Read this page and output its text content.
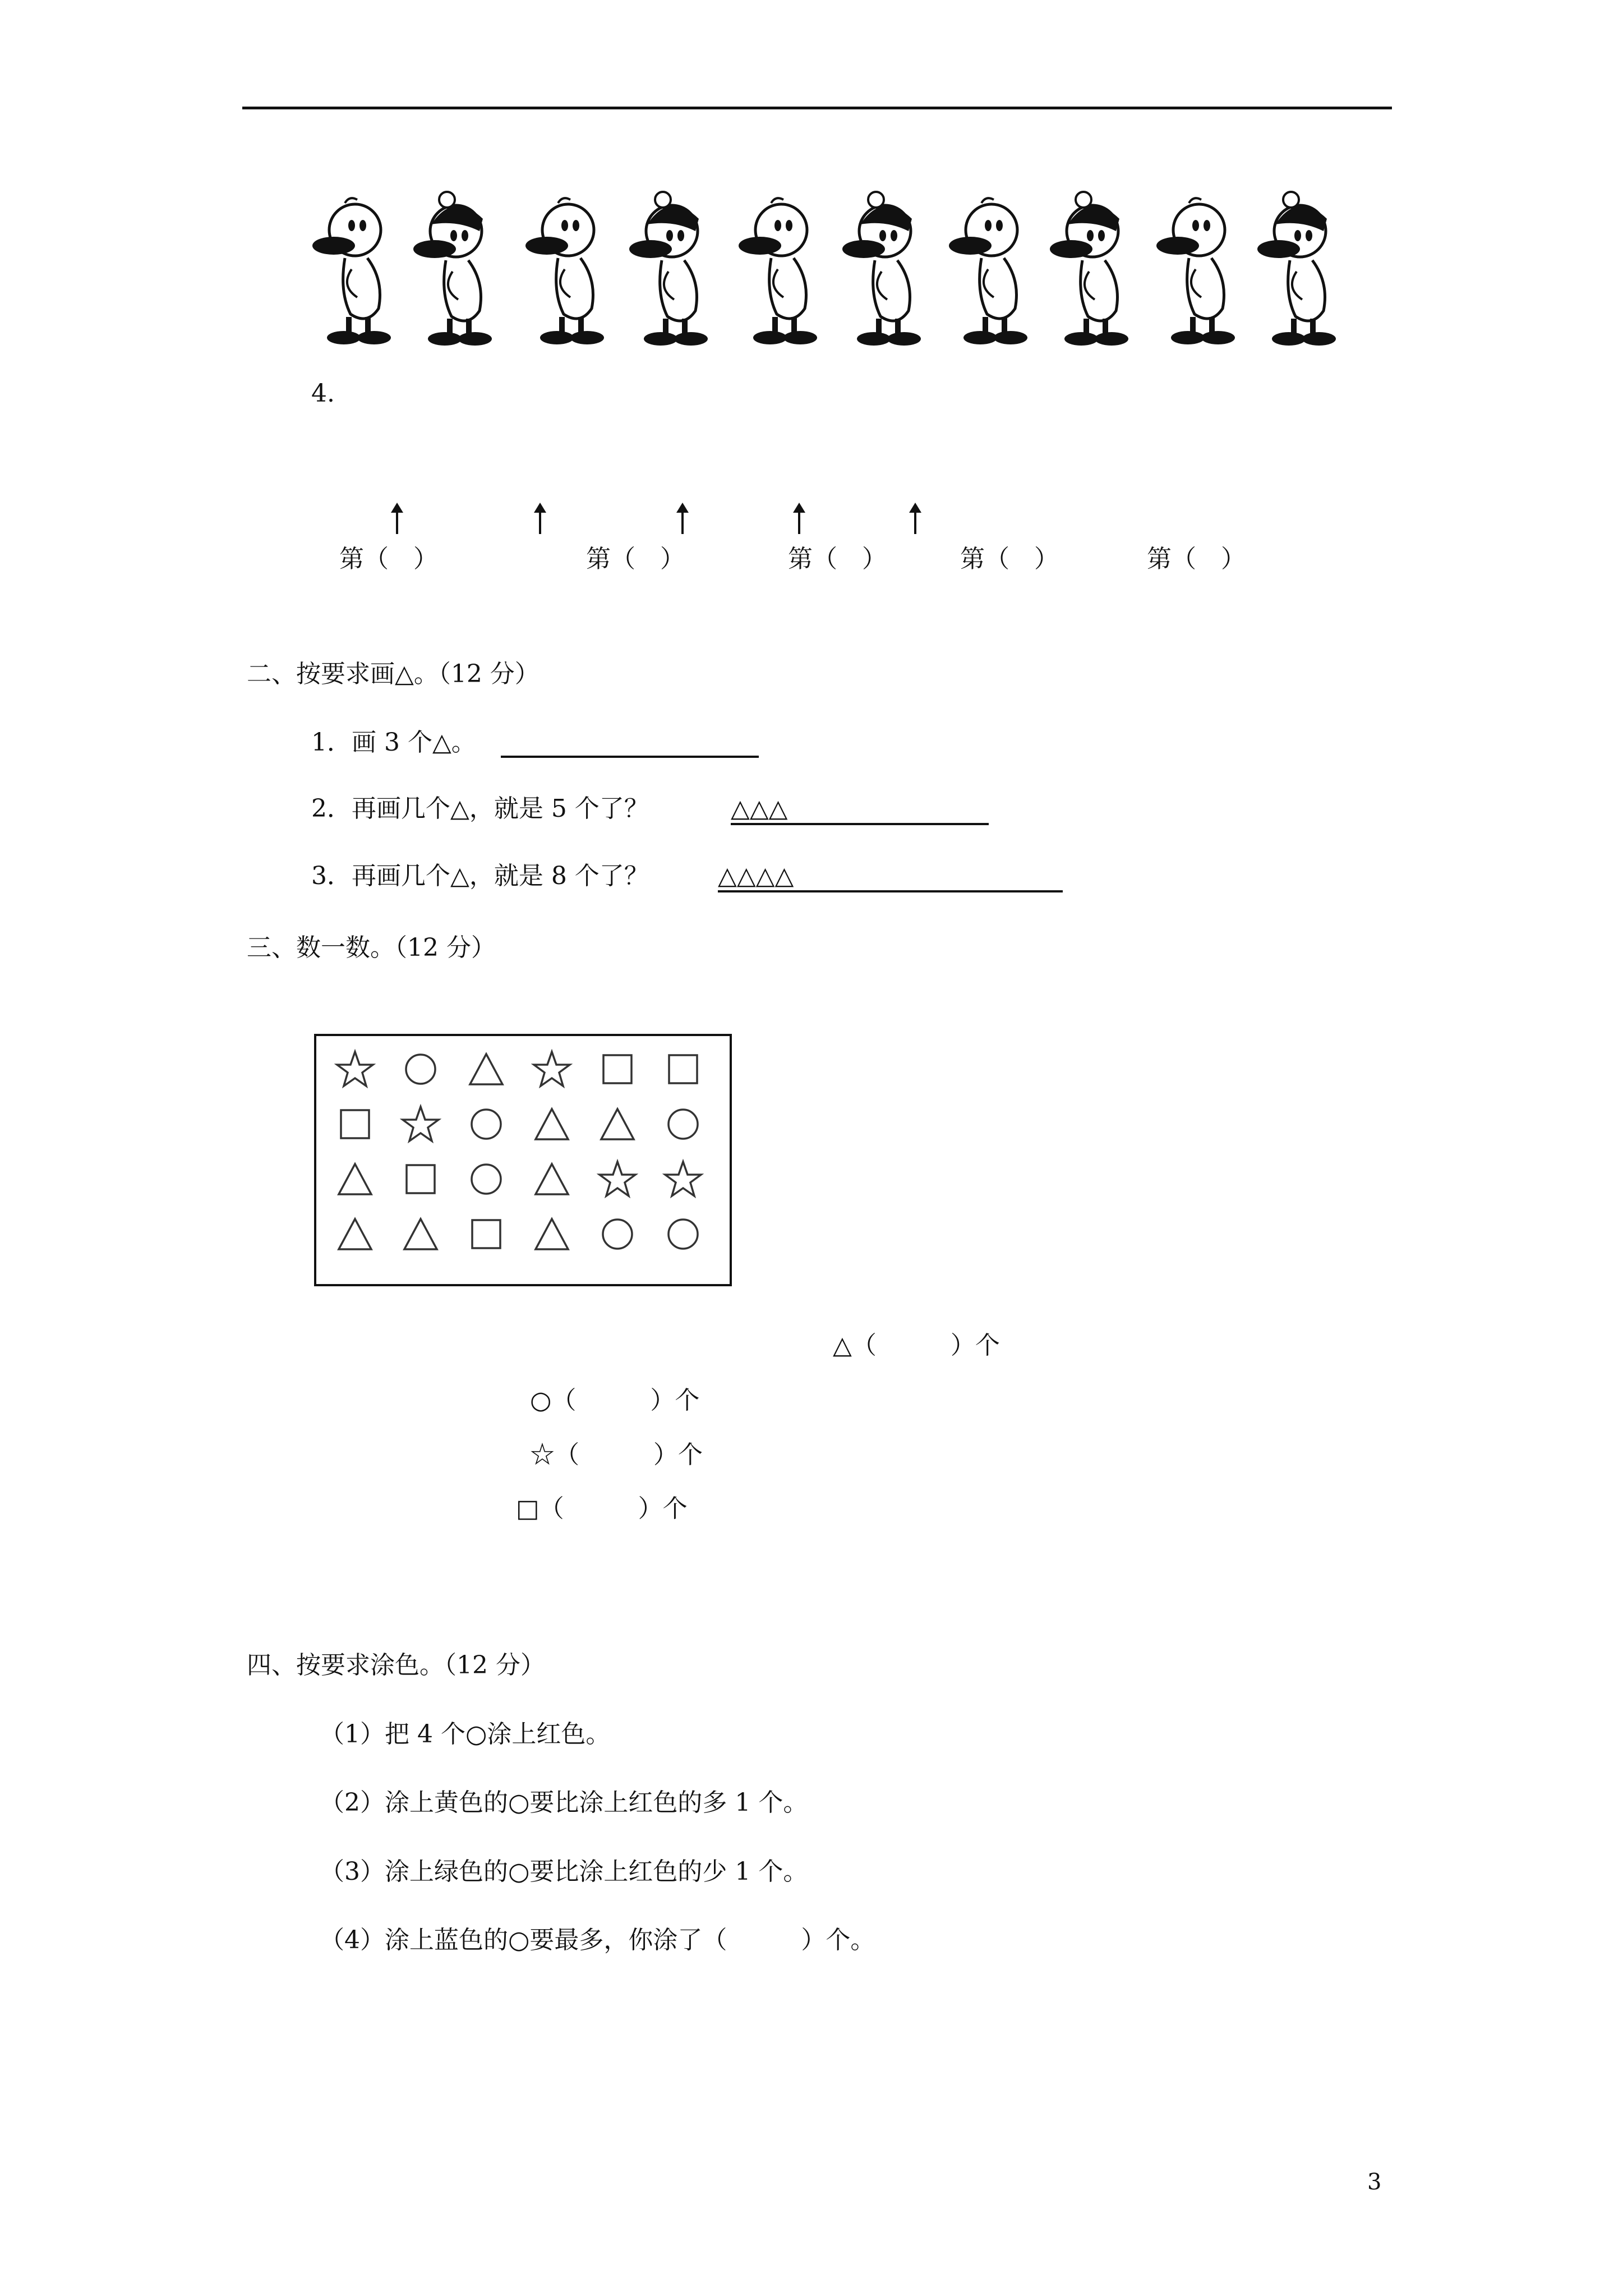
4.
第（　）	第（　）	第（　）	第（　）	第（　）
二、按要求画△。（12 分）
1．画 3 个△。
2．再画几个△，就是 5 个了？	△△△
3．再画几个△，就是 8 个了？	△△△△
三、数一数。（12 分）
△（　　　）个
○（　　　）个
☆（　　　）个
□（　　　）个
四、按要求涂色。（12 分）
（1）把 4 个○涂上红色。
（2）涂上黄色的○要比涂上红色的多 1 个。
（3）涂上绿色的○要比涂上红色的少 1 个。
（4）涂上蓝色的○要最多，你涂了（　　　）个。
3
